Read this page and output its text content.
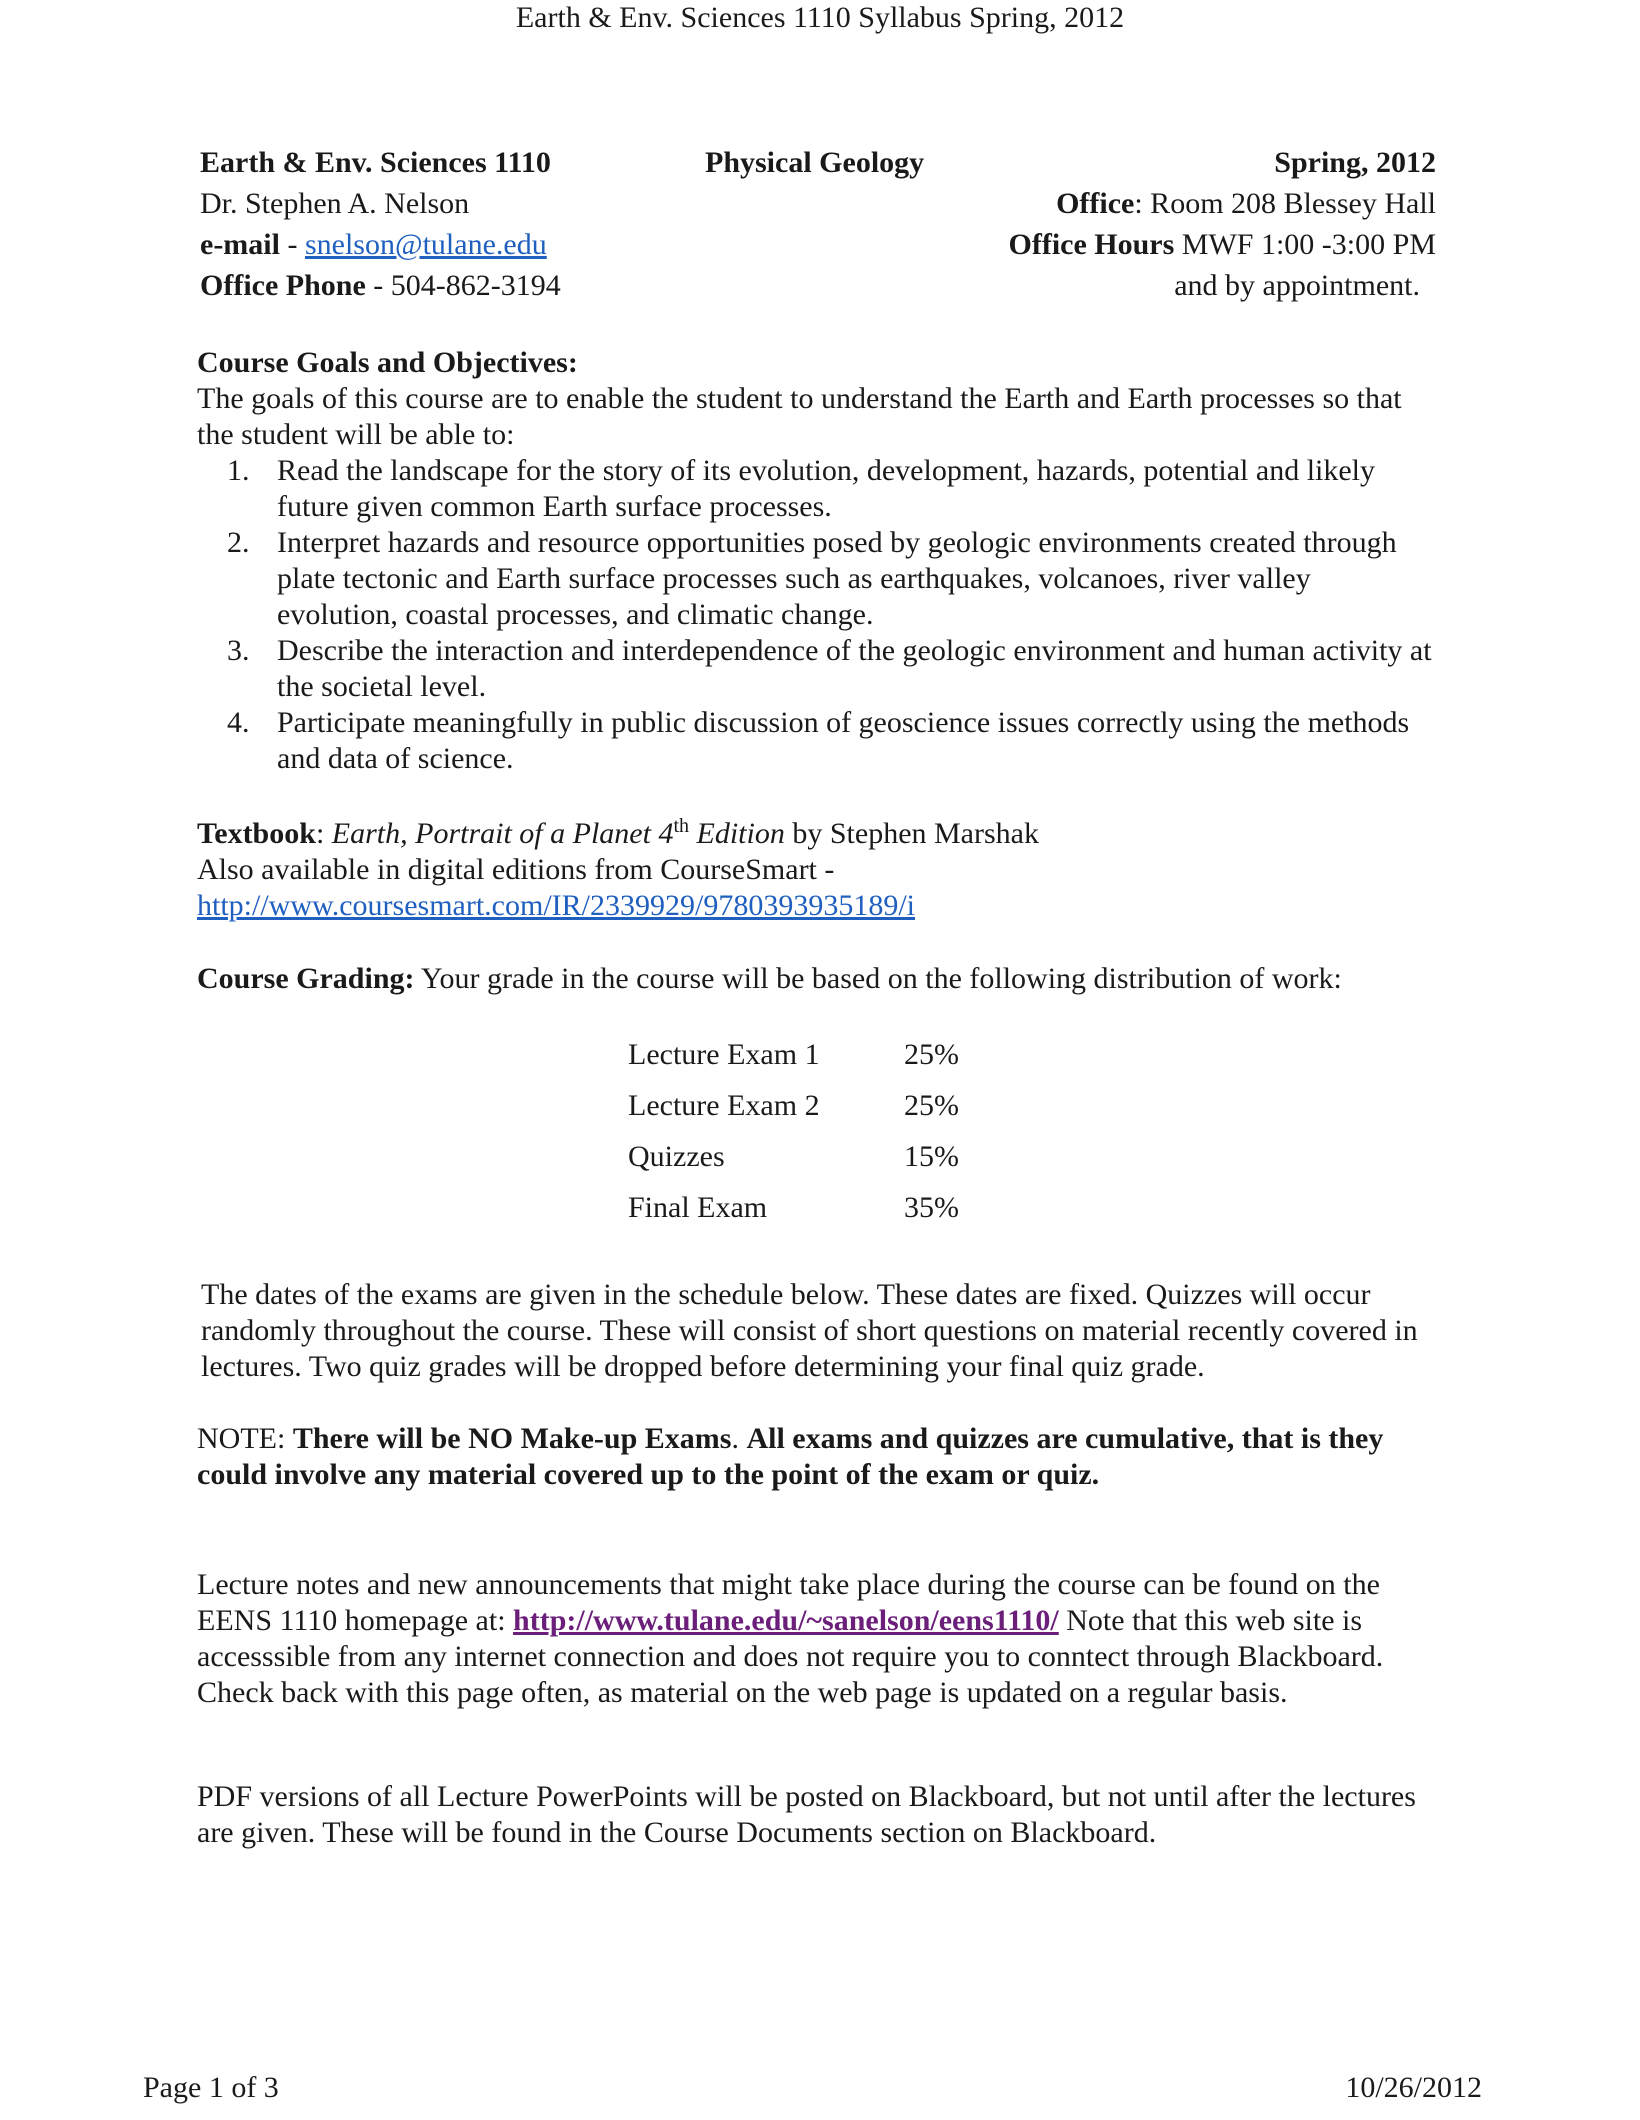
Earth & Env. Sciences 1110 Syllabus Spring, 2012
Earth & Env. Sciences 1110	Physical Geology	Spring, 2012
Dr. Stephen A. Nelson	Office: Room 208 Blessey Hall
e-mail - snelson@tulane.edu	Office Hours MWF 1:00 -3:00 PM
Office Phone - 504-862-3194	and by appointment.
Course Goals and Objectives:
The goals of this course are to enable the student to understand the Earth and Earth processes so that the student will be able to:
1. Read the landscape for the story of its evolution, development, hazards, potential and likely future given common Earth surface processes.
2. Interpret hazards and resource opportunities posed by geologic environments created through plate tectonic and Earth surface processes such as earthquakes, volcanoes, river valley evolution, coastal processes, and climatic change.
3. Describe the interaction and interdependence of the geologic environment and human activity at the societal level.
4. Participate meaningfully in public discussion of geoscience issues correctly using the methods and data of science.
Textbook: Earth, Portrait of a Planet 4th Edition by Stephen Marshak
Also available in digital editions from CourseSmart -
http://www.coursesmart.com/IR/2339929/9780393935189/i
Course Grading: Your grade in the course will be based on the following distribution of work:
Lecture Exam 1	25%
Lecture Exam 2	25%
Quizzes	15%
Final Exam	35%
The dates of the exams are given in the schedule below. These dates are fixed. Quizzes will occur randomly throughout the course. These will consist of short questions on material recently covered in lectures. Two quiz grades will be dropped before determining your final quiz grade.
NOTE: There will be NO Make-up Exams. All exams and quizzes are cumulative, that is they could involve any material covered up to the point of the exam or quiz.
Lecture notes and new announcements that might take place during the course can be found on the EENS 1110 homepage at: http://www.tulane.edu/~sanelson/eens1110/ Note that this web site is accesssible from any internet connection and does not require you to conntect through Blackboard. Check back with this page often, as material on the web page is updated on a regular basis.
PDF versions of all Lecture PowerPoints will be posted on Blackboard, but not until after the lectures are given. These will be found in the Course Documents section on Blackboard.
Page 1 of 3	10/26/2012
